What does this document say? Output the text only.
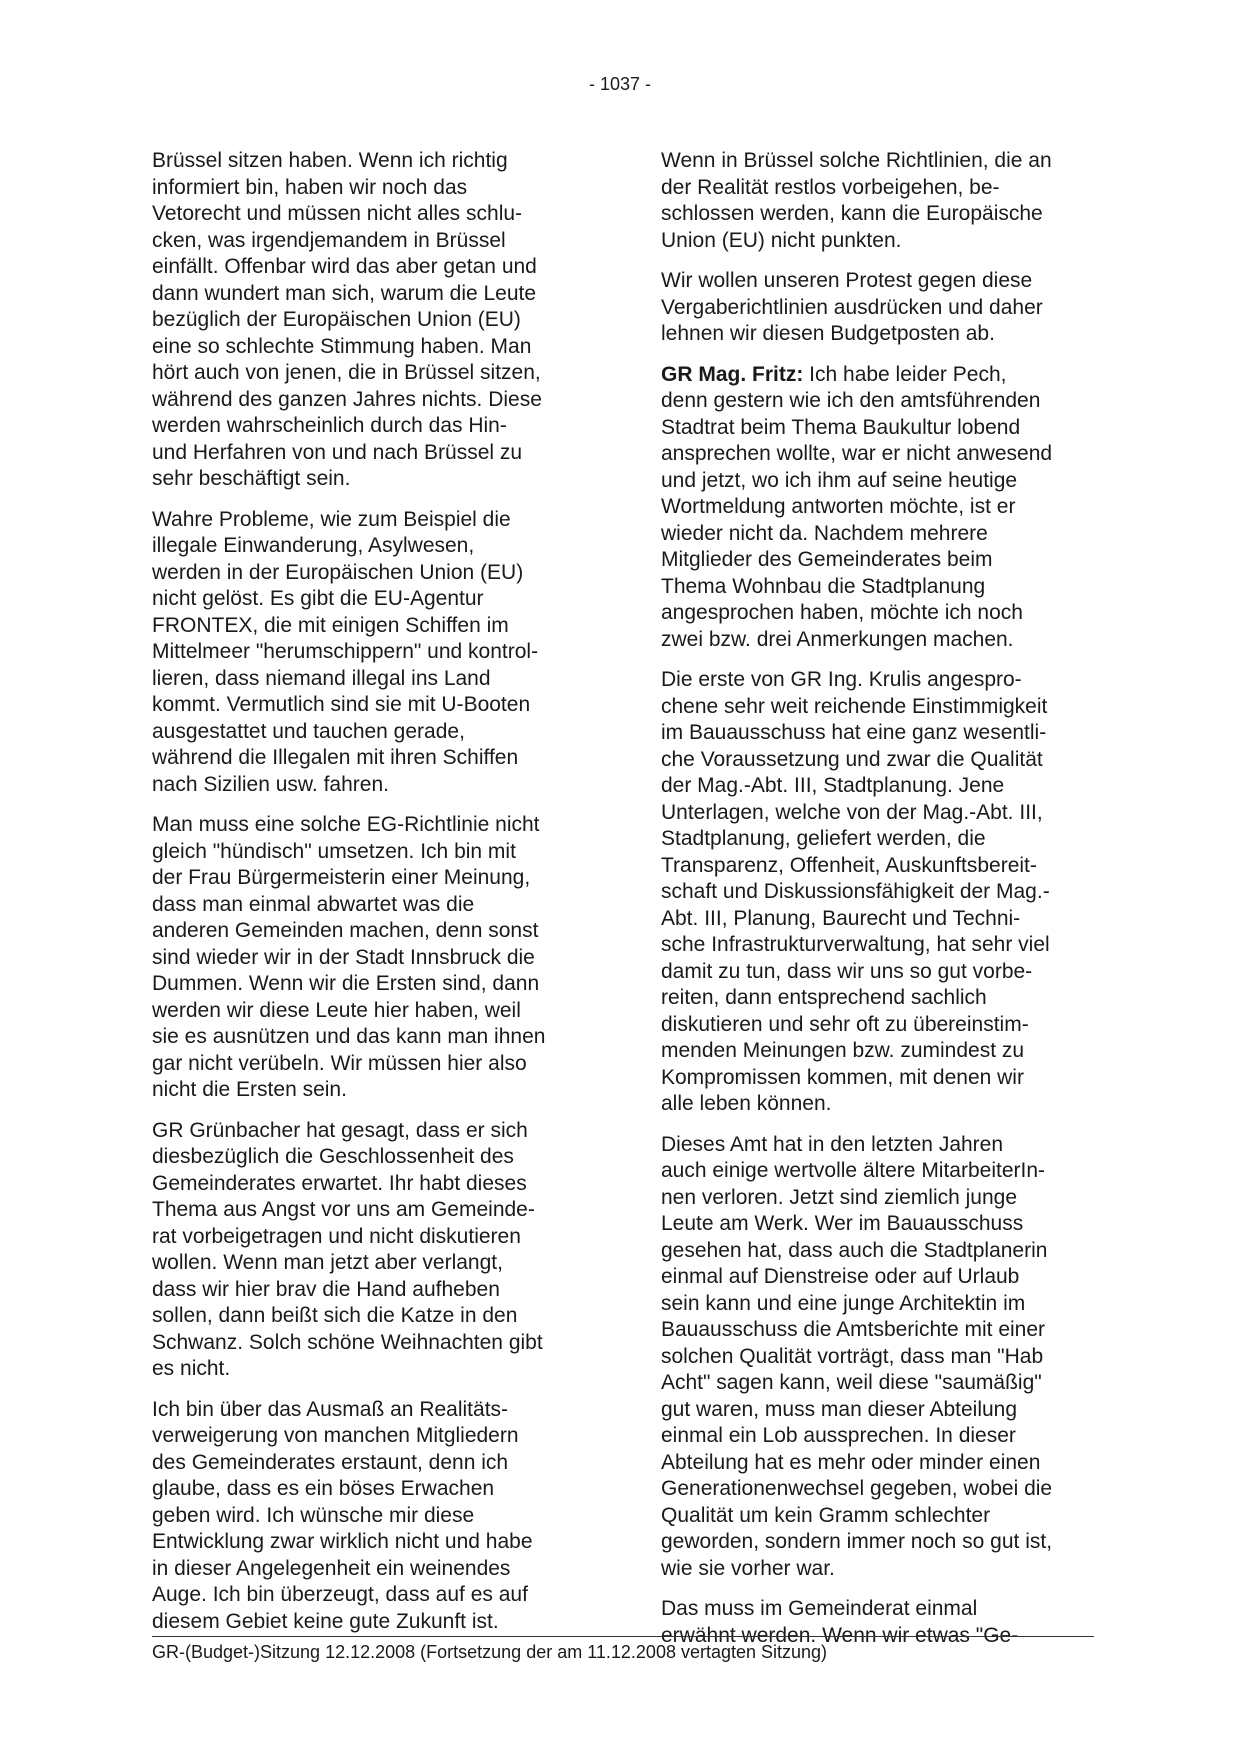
- 1037 -

Brüssel sitzen haben. Wenn ich richtig
informiert bin, haben wir noch das
Vetorecht und müssen nicht alles schlu-
cken, was irgendjemandem in Brüssel
einfällt. Offenbar wird das aber getan und
dann wundert man sich, warum die Leute
bezüglich der Europäischen Union (EU)
eine so schlechte Stimmung haben. Man
hört auch von jenen, die in Brüssel sitzen,
während des ganzen Jahres nichts. Diese
werden wahrscheinlich durch das Hin-
und Herfahren von und nach Brüssel zu
sehr beschäftigt sein.

Wahre Probleme, wie zum Beispiel die
illegale Einwanderung, Asylwesen,
werden in der Europäischen Union (EU)
nicht gelöst. Es gibt die EU-Agentur
FRONTEX, die mit einigen Schiffen im
Mittelmeer "herumschippern" und kontrol-
lieren, dass niemand illegal ins Land
kommt. Vermutlich sind sie mit U-Booten
ausgestattet und tauchen gerade,
während die Illegalen mit ihren Schiffen
nach Sizilien usw. fahren.

Man muss eine solche EG-Richtlinie nicht
gleich "hündisch" umsetzen. Ich bin mit
der Frau Bürgermeisterin einer Meinung,
dass man einmal abwartet was die
anderen Gemeinden machen, denn sonst
sind wieder wir in der Stadt Innsbruck die
Dummen. Wenn wir die Ersten sind, dann
werden wir diese Leute hier haben, weil
sie es ausnützen und das kann man ihnen
gar nicht verübeln. Wir müssen hier also
nicht die Ersten sein.

GR Grünbacher hat gesagt, dass er sich
diesbezüglich die Geschlossenheit des
Gemeinderates erwartet. Ihr habt dieses
Thema aus Angst vor uns am Gemeinde-
rat vorbeigetragen und nicht diskutieren
wollen. Wenn man jetzt aber verlangt,
dass wir hier brav die Hand aufheben
sollen, dann beißt sich die Katze in den
Schwanz. Solch schöne Weihnachten gibt
es nicht.

Ich bin über das Ausmaß an Realitäts-
verweigerung von manchen Mitgliedern
des Gemeinderates erstaunt, denn ich
glaube, dass es ein böses Erwachen
geben wird. Ich wünsche mir diese
Entwicklung zwar wirklich nicht und habe
in dieser Angelegenheit ein weinendes
Auge. Ich bin überzeugt, dass auf es auf
diesem Gebiet keine gute Zukunft ist.

Wenn in Brüssel solche Richtlinien, die an
der Realität restlos vorbeigehen, be-
schlossen werden, kann die Europäische
Union (EU) nicht punkten.

Wir wollen unseren Protest gegen diese
Vergaberichtlinien ausdrücken und daher
lehnen wir diesen Budgetposten ab.

GR Mag. Fritz: Ich habe leider Pech,
denn gestern wie ich den amtsführenden
Stadtrat beim Thema Baukultur lobend
ansprechen wollte, war er nicht anwesend
und jetzt, wo ich ihm auf seine heutige
Wortmeldung antworten möchte, ist er
wieder nicht da. Nachdem mehrere
Mitglieder des Gemeinderates beim
Thema Wohnbau die Stadtplanung
angesprochen haben, möchte ich noch
zwei bzw. drei Anmerkungen machen.

Die erste von GR Ing. Krulis angespro-
chene sehr weit reichende Einstimmigkeit
im Bauausschuss hat eine ganz wesentli-
che Voraussetzung und zwar die Qualität
der Mag.-Abt. III, Stadtplanung. Jene
Unterlagen, welche von der Mag.-Abt. III,
Stadtplanung, geliefert werden, die
Transparenz, Offenheit, Auskunftsbereit-
schaft und Diskussionsfähigkeit der Mag.-
Abt. III, Planung, Baurecht und Techni-
sche Infrastrukturverwaltung, hat sehr viel
damit zu tun, dass wir uns so gut vorbe-
reiten, dann entsprechend sachlich
diskutieren und sehr oft zu übereinstim-
menden Meinungen bzw. zumindest zu
Kompromissen kommen, mit denen wir
alle leben können.

Dieses Amt hat in den letzten Jahren
auch einige wertvolle ältere MitarbeiterIn-
nen verloren. Jetzt sind ziemlich junge
Leute am Werk. Wer im Bauausschuss
gesehen hat, dass auch die Stadtplanerin
einmal auf Dienstreise oder auf Urlaub
sein kann und eine junge Architektin im
Bauausschuss die Amtsberichte mit einer
solchen Qualität vorträgt, dass man "Hab
Acht" sagen kann, weil diese "saumäßig"
gut waren, muss man dieser Abteilung
einmal ein Lob aussprechen. In dieser
Abteilung hat es mehr oder minder einen
Generationenwechsel gegeben, wobei die
Qualität um kein Gramm schlechter
geworden, sondern immer noch so gut ist,
wie sie vorher war.

Das muss im Gemeinderat einmal
erwähnt werden. Wenn wir etwas "Ge-

GR-(Budget-)Sitzung 12.12.2008 (Fortsetzung der am 11.12.2008 vertagten Sitzung)
